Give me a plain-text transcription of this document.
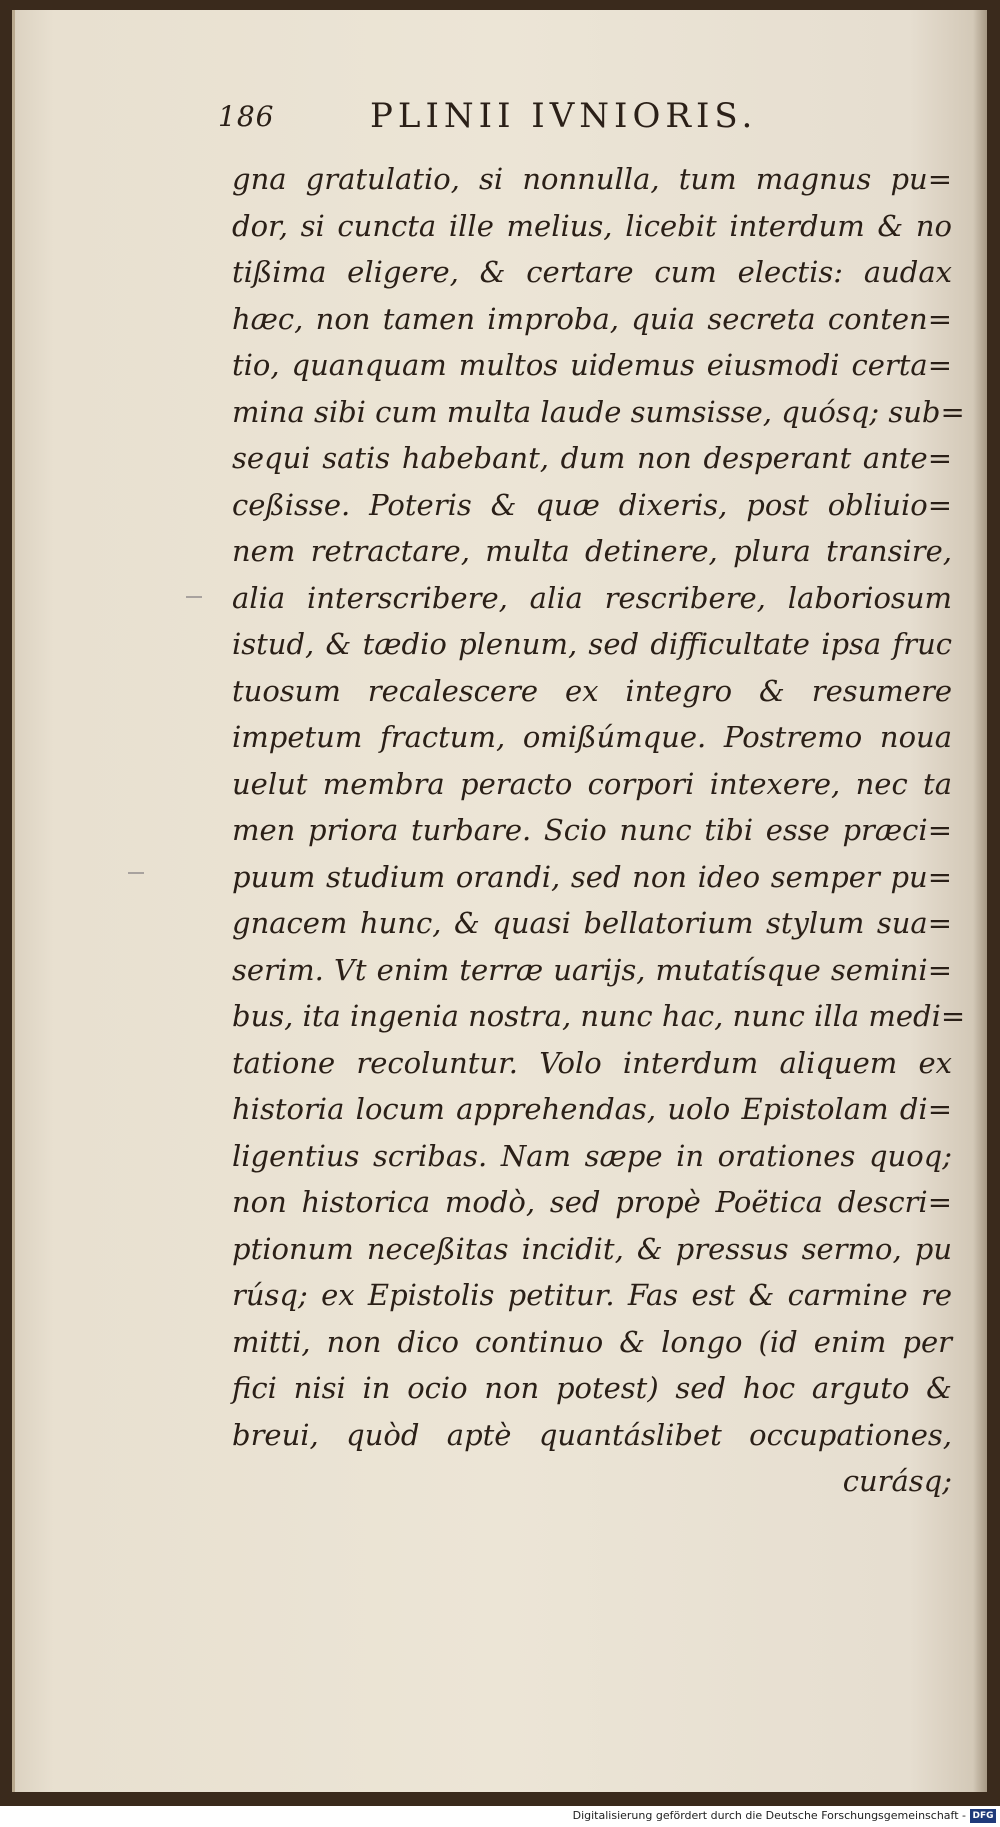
186	PLINII IVNIORIS.
gna gratulatio, si nonnulla, tum magnus pu=
dor, si cuncta ille melius, licebit interdum & no
tißima eligere, & certare cum electis: audax
hæc, non tamen improba, quia secreta conten=
tio, quanquam multos uidemus eiusmodi certa=
mina sibi cum multa laude sumsisse, quósq; sub=
sequi satis habebant, dum non desperant ante=
ceßisse. Poteris & quæ dixeris, post obliuio=
nem retractare, multa detinere, plura transire,
alia interscribere, alia rescribere, laboriosum
istud, & tædio plenum, sed difficultate ipsa fruc
tuosum recalescere ex integro & resumere
impetum fractum, omißúmque. Postremo noua
uelut membra peracto corpori intexere, nec ta
men priora turbare. Scio nunc tibi esse præci=
puum studium orandi, sed non ideo semper pu=
gnacem hunc, & quasi bellatorium stylum sua=
serim. Vt enim terræ uarijs, mutatísque semini=
bus, ita ingenia nostra, nunc hac, nunc illa medi=
tatione recoluntur. Volo interdum aliquem ex
historia locum apprehendas, uolo Epistolam di=
ligentius scribas. Nam sæpe in orationes quoq;
non historica modò, sed propè Poëtica descri=
ptionum neceßitas incidit, & pressus sermo, pu
rúsq; ex Epistolis petitur. Fas est & carmine re
mitti, non dico continuo & longo (id enim per
fici nisi in ocio non potest) sed hoc arguto &
breui, quòd aptè quantáslibet occupationes,
curásq;
Digitalisierung gefördert durch die Deutsche Forschungsgemeinschaft - DFG
